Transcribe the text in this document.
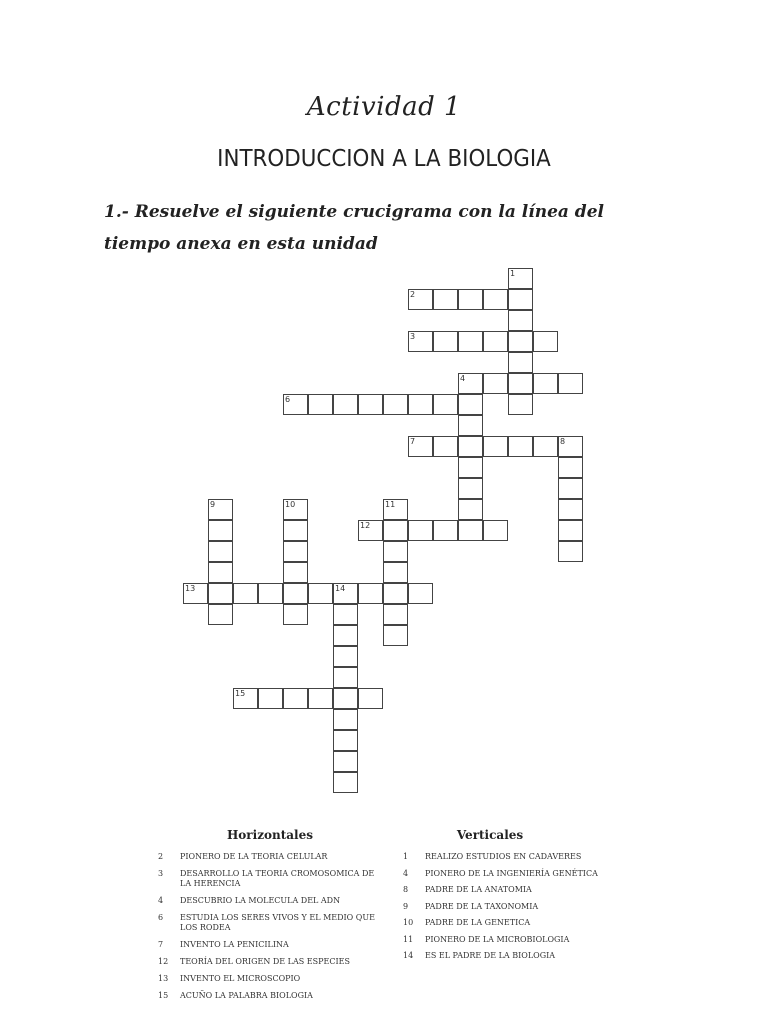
Actividad 1
INTRODUCCION A LA BIOLOGIA
1.- Resuelve el siguiente crucigrama con la línea del tiempo anexa en esta unidad
1
2
3
4
6
7	8
9	10	11
12
13	14
15
Horizontales
2	PIONERO DE LA TEORIA CELULAR
3	DESARROLLO LA TEORIA CROMOSOMICA DE LA HERENCIA
4	DESCUBRIO LA MOLECULA DEL ADN
6	ESTUDIA LOS SERES VIVOS Y EL MEDIO QUE LOS RODEA
7	INVENTO LA PENICILINA
12	TEORÍA DEL ORIGEN DE LAS ESPECIES
13	INVENTO EL MICROSCOPIO
15	ACUÑO LA PALABRA BIOLOGIA
Verticales
1	REALIZO ESTUDIOS EN CADAVERES
4	PIONERO DE LA INGENIERÍA GENÉTICA
8	PADRE DE LA ANATOMIA
9	PADRE DE LA TAXONOMIA
10	PADRE DE LA GENETICA
11	PIONERO DE LA MICROBIOLOGIA
14	ES EL PADRE DE LA BIOLOGIA
